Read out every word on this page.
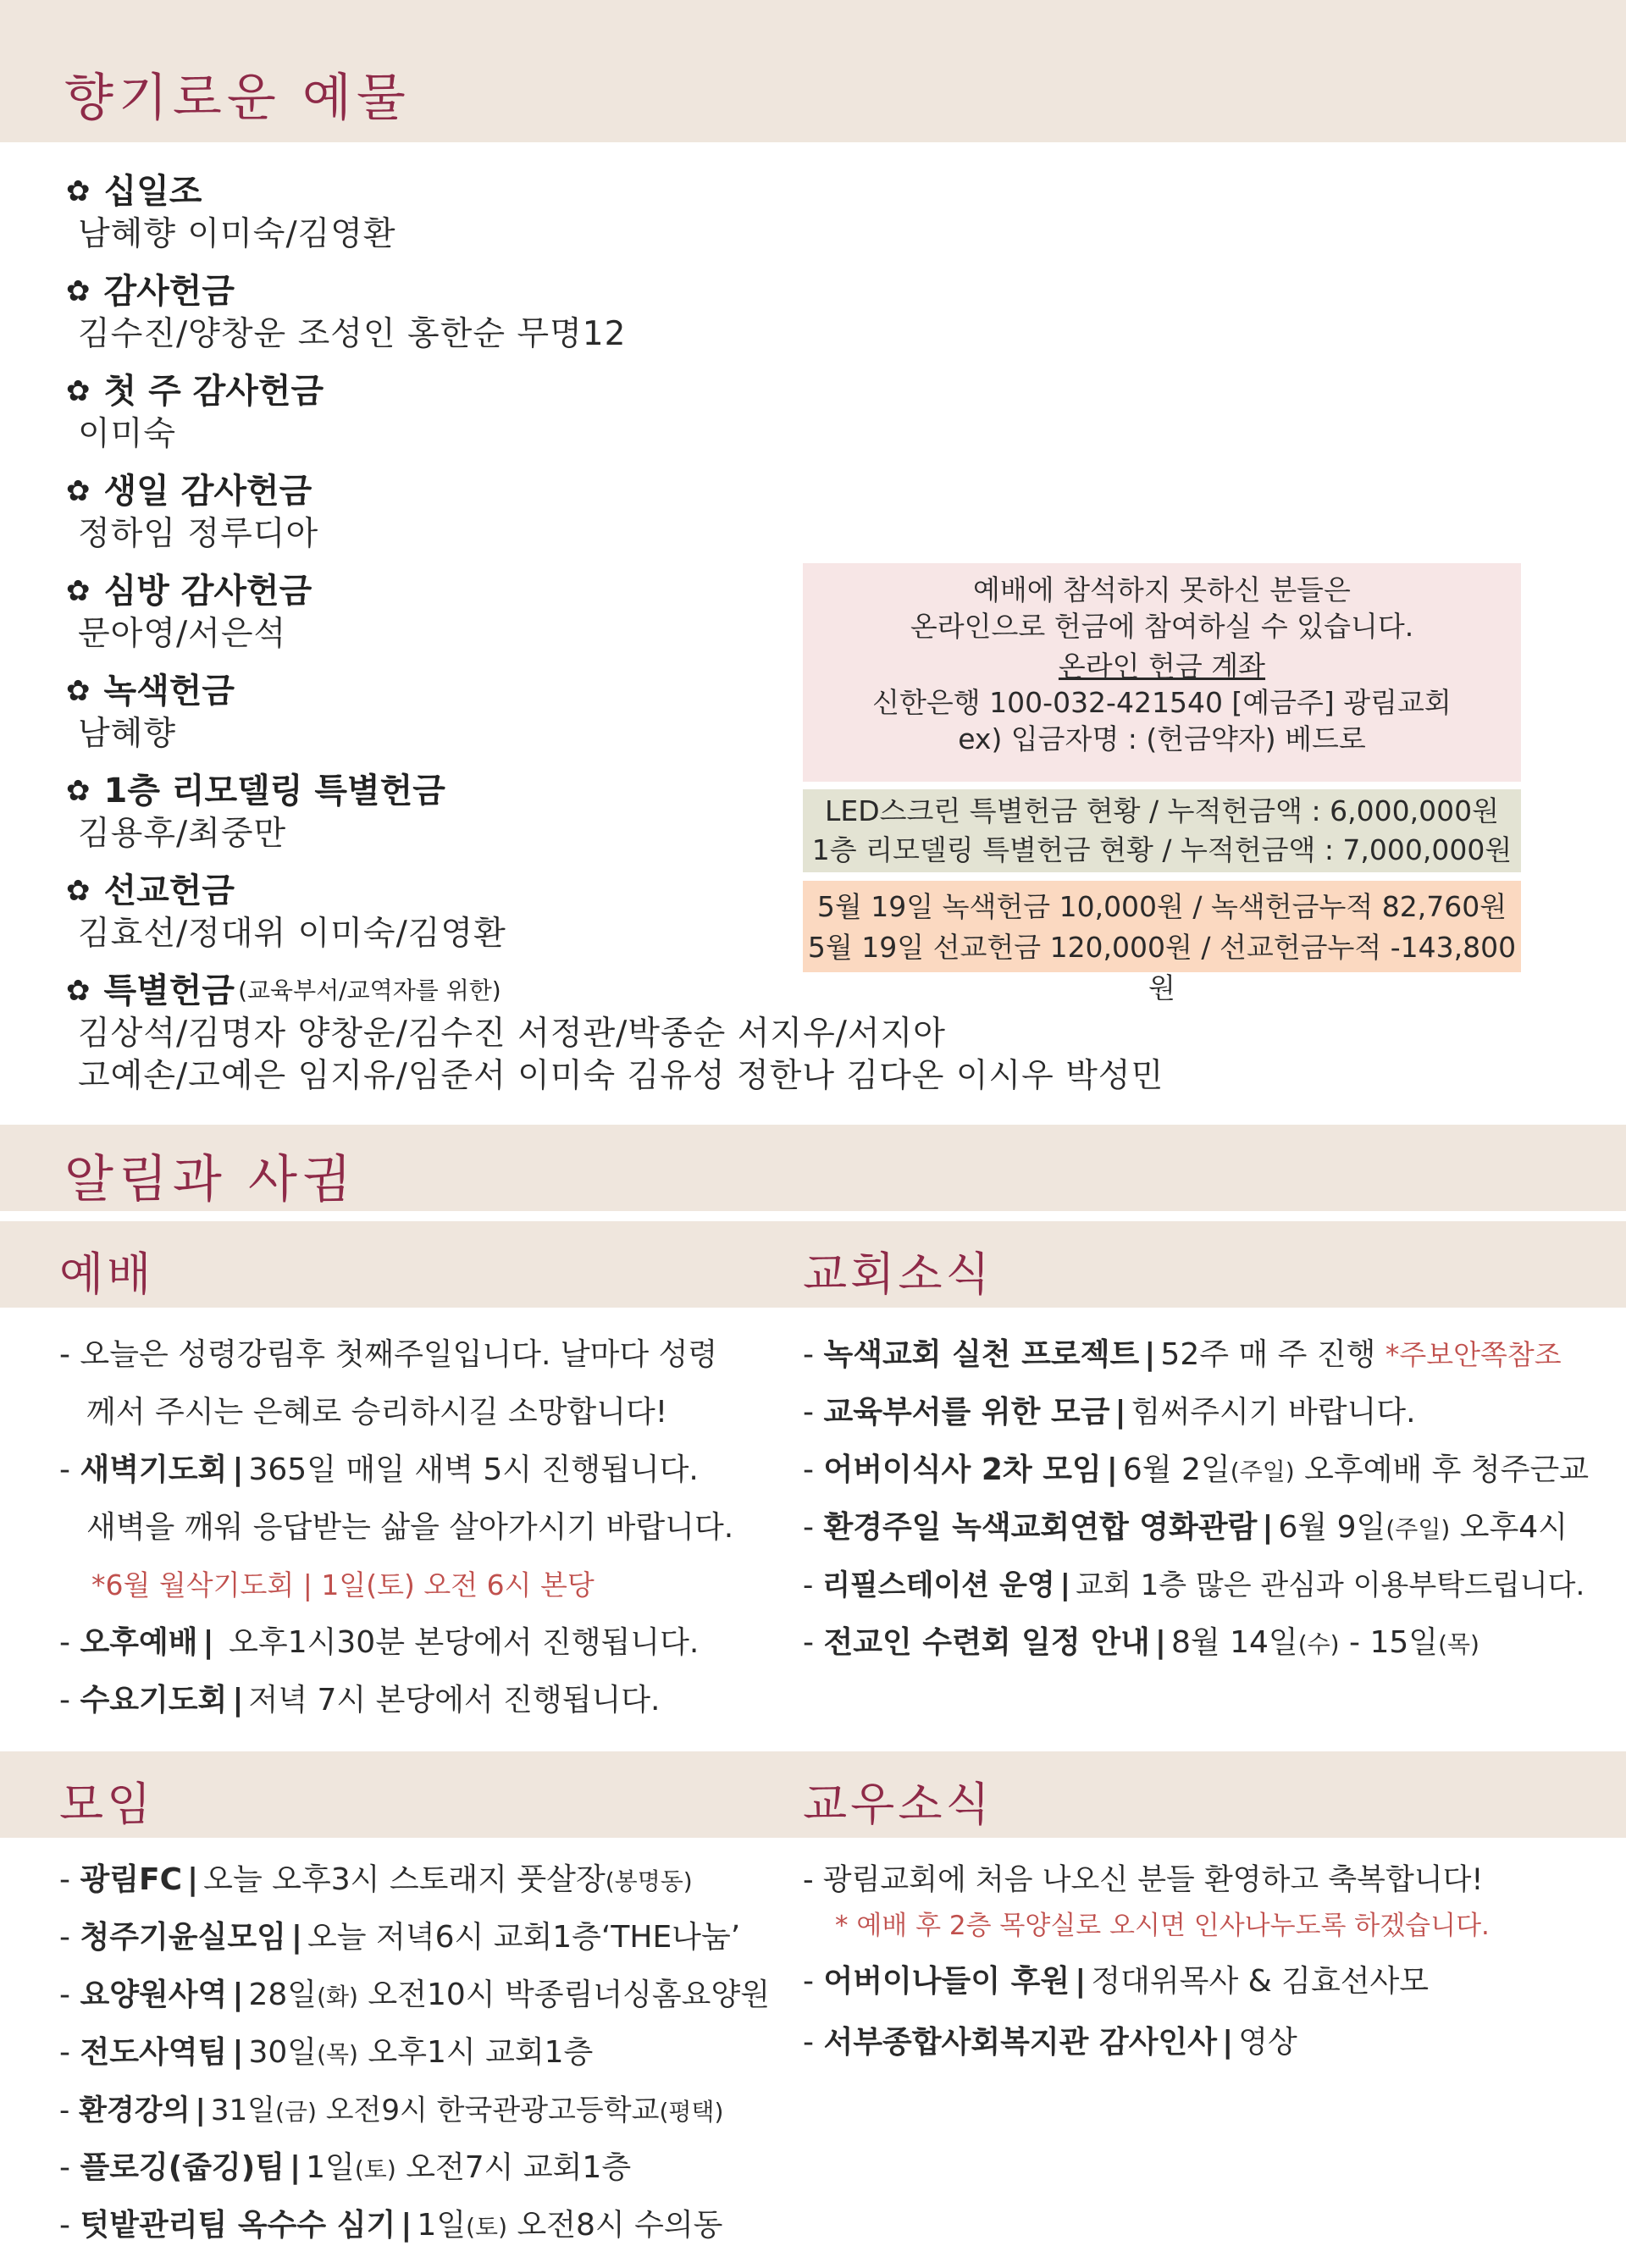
향기로운 예물
✿ 십일조
남혜향 이미숙/김영환
✿ 감사헌금
김수진/양창운 조성인 홍한순 무명12
✿ 첫 주 감사헌금
이미숙
✿ 생일 감사헌금
정하임 정루디아
✿ 심방 감사헌금
문아영/서은석
✿ 녹색헌금
남혜향
✿ 1층 리모델링 특별헌금
김용후/최중만
✿ 선교헌금
김효선/정대위 이미숙/김영환
✿ 특별헌금 (교육부서/교역자를 위한)
김상석/김명자 양창운/김수진 서정관/박종순 서지우/서지아
고예손/고예은 임지유/임준서 이미숙 김유성 정한나 김다온 이시우 박성민
예배에 참석하지 못하신 분들은
온라인으로 헌금에 참여하실 수 있습니다.
온라인 헌금 계좌
신한은행 100-032-421540 [예금주] 광림교회
ex) 입금자명 : (헌금약자) 베드로
LED스크린 특별헌금 현황 / 누적헌금액 : 6,000,000원
1층 리모델링 특별헌금 현황 / 누적헌금액 : 7,000,000원
5월 19일 녹색헌금 10,000원 / 녹색헌금누적 82,760원
5월 19일 선교헌금 120,000원 / 선교헌금누적 -143,800원
알림과 사귐
예배	교회소식
- 오늘은 성령강림후 첫째주일입니다. 날마다 성령
께서 주시는 은혜로 승리하시길 소망합니다!
- 새벽기도회 | 365일 매일 새벽 5시 진행됩니다.
새벽을 깨워 응답받는 삶을 살아가시기 바랍니다.
*6월 월삭기도회 | 1일(토) 오전 6시 본당
- 오후예배 | 오후1시30분 본당에서 진행됩니다.
- 수요기도회 | 저녁 7시 본당에서 진행됩니다.
- 녹색교회 실천 프로젝트 | 52주 매 주 진행 *주보안쪽참조
- 교육부서를 위한 모금 | 힘써주시기 바랍니다.
- 어버이식사 2차 모임 | 6월 2일(주일) 오후예배 후 청주근교
- 환경주일 녹색교회연합 영화관람 | 6월 9일(주일) 오후4시
- 리필스테이션 운영 | 교회 1층 많은 관심과 이용부탁드립니다.
- 전교인 수련회 일정 안내 | 8월 14일(수) - 15일(목)
모임	교우소식
- 광림FC | 오늘 오후3시 스토래지 풋살장(봉명동)
- 청주기윤실모임 | 오늘 저녁6시 교회1층‘THE나눔’
- 요양원사역 | 28일(화) 오전10시 박종림너싱홈요양원
- 전도사역팀 | 30일(목) 오후1시 교회1층
- 환경강의 | 31일(금) 오전9시 한국관광고등학교(평택)
- 플로깅(줍깅)팀 | 1일(토) 오전7시 교회1층
- 텃밭관리팀 옥수수 심기 | 1일(토) 오전8시 수의동
- 광림교회에 처음 나오신 분들 환영하고 축복합니다!
* 예배 후 2층 목양실로 오시면 인사나누도록 하겠습니다.
- 어버이나들이 후원 | 정대위목사 & 김효선사모
- 서부종합사회복지관 감사인사 | 영상
